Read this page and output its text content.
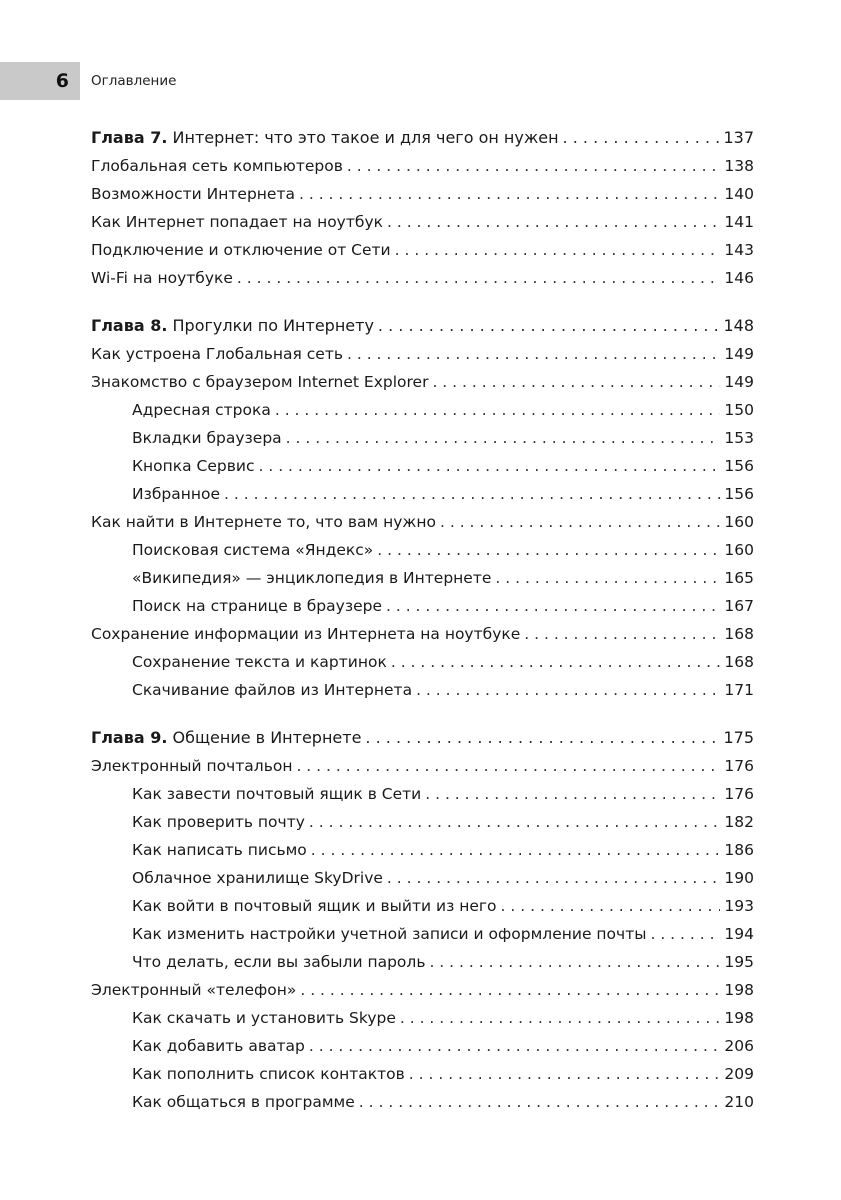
6	Оглавление
Глава 7. Интернет: что это такое и для чего он нужен . . .	137
Глобальная сеть компьютеров . . .	138
Возможности Интернета . . .	140
Как Интернет попадает на ноутбук . . .	141
Подключение и отключение от Сети . . .	143
Wi-Fi на ноутбуке . . .	146
Глава 8. Прогулки по Интернету . . .	148
Как устроена Глобальная сеть . . .	149
Знакомство с браузером Internet Explorer . . .	149
Адресная строка . . .	150
Вкладки браузера . . .	153
Кнопка Сервис . . .	156
Избранное . . .	156
Как найти в Интернете то, что вам нужно . . .	160
Поисковая система «Яндекс» . . .	160
«Википедия» — энциклопедия в Интернете . . .	165
Поиск на странице в браузере . . .	167
Сохранение информации из Интернета на ноутбуке . . .	168
Сохранение текста и картинок . . .	168
Скачивание файлов из Интернета . . .	171
Глава 9. Общение в Интернете . . .	175
Электронный почтальон . . .	176
Как завести почтовый ящик в Сети . . .	176
Как проверить почту . . .	182
Как написать письмо . . .	186
Облачное хранилище SkyDrive . . .	190
Как войти в почтовый ящик и выйти из него . . .	193
Как изменить настройки учетной записи и оформление почты . . .	194
Что делать, если вы забыли пароль . . .	195
Электронный «телефон» . . .	198
Как скачать и установить Skype . . .	198
Как добавить аватар . . .	206
Как пополнить список контактов . . .	209
Как общаться в программе . . .	210
